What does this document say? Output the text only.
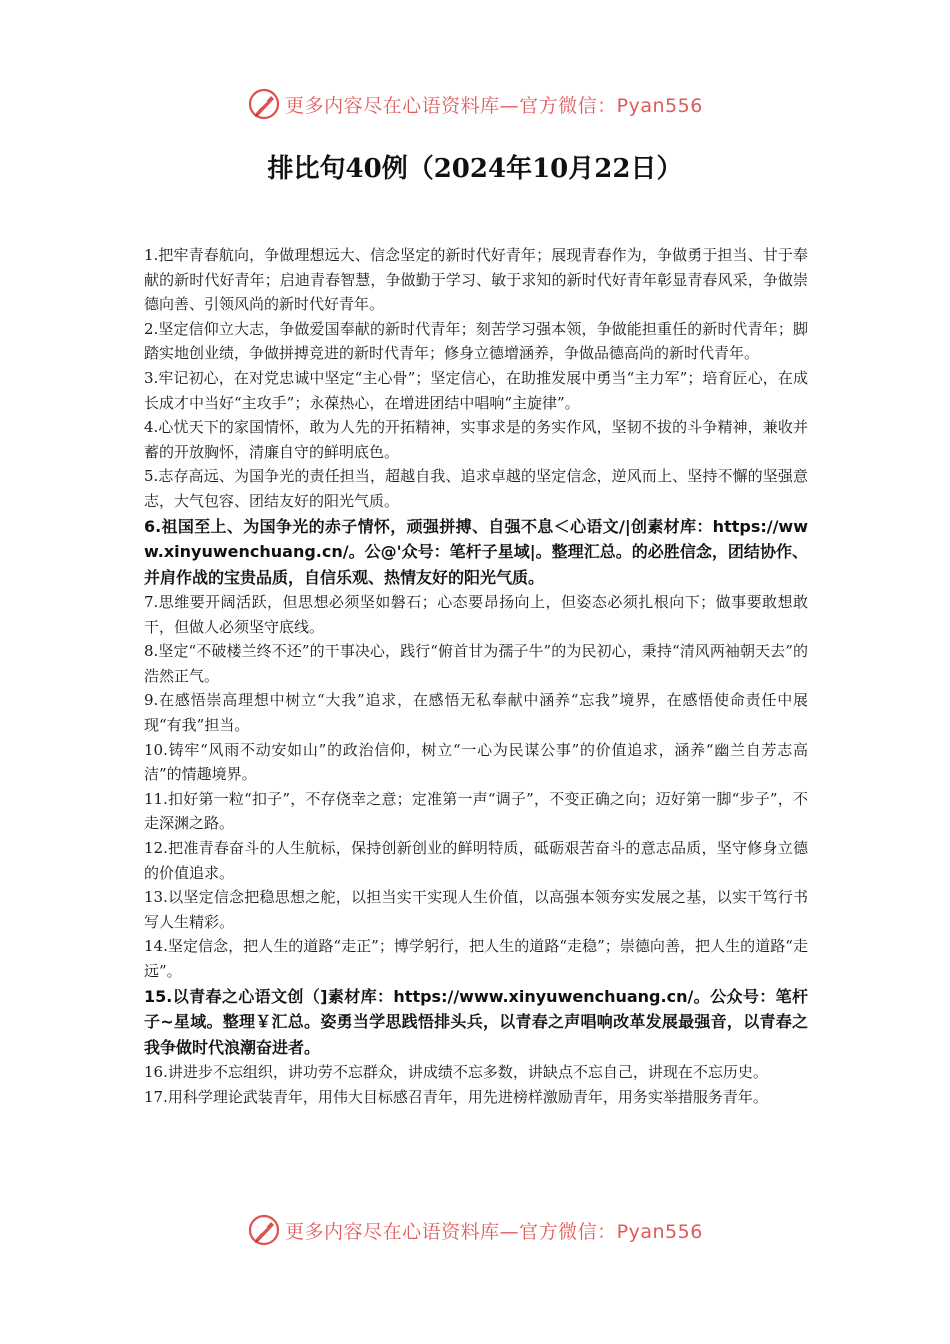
更多内容尽在心语资料库—官方微信：Pyan556
排比句40例（2024年10月22日）

1.把牢青春航向，争做理想远大、信念坚定的新时代好青年；展现青春作为，争做勇于担当、甘于奉献的新时代好青年；启迪青春智慧，争做勤于学习、敏于求知的新时代好青年彰显青春风采，争做崇德向善、引领风尚的新时代好青年。

2.坚定信仰立大志，争做爱国奉献的新时代青年；刻苦学习强本领，争做能担重任的新时代青年；脚踏实地创业绩，争做拼搏竞进的新时代青年；修身立德增涵养，争做品德高尚的新时代青年。

3.牢记初心，在对党忠诚中坚定“主心骨”；坚定信心，在助推发展中勇当“主力军”；培育匠心，在成长成才中当好“主攻手”；永葆热心，在增进团结中唱响“主旋律”。

4.心忧天下的家国情怀，敢为人先的开拓精神，实事求是的务实作风，坚韧不拔的斗争精神，兼收并蓄的开放胸怀，清廉自守的鲜明底色。

5.志存高远、为国争光的责任担当，超越自我、追求卓越的坚定信念，逆风而上、坚持不懈的坚强意志，大气包容、团结友好的阳光气质。

6.祖国至上、为国争光的赤子情怀，顽强拼搏、自强不息＜心语文/|创素材库：https://www.xinyuwenchuang.cn/。公@'众号：笔杆子星域|。整理汇总。的必胜信念，团结协作、并肩作战的宝贵品质，自信乐观、热情友好的阳光气质。

7.思维要开阔活跃，但思想必须坚如磐石；心态要昂扬向上，但姿态必须扎根向下；做事要敢想敢干，但做人必须坚守底线。

8.坚定“不破楼兰终不还”的干事决心，践行“俯首甘为孺子牛”的为民初心，秉持“清风两袖朝天去”的浩然正气。

9.在感悟崇高理想中树立“大我”追求，在感悟无私奉献中涵养“忘我”境界，在感悟使命责任中展现“有我”担当。

10.铸牢“风雨不动安如山”的政治信仰，树立“一心为民谋公事”的价值追求，涵养“幽兰自芳志高洁”的情趣境界。

11.扣好第一粒“扣子”，不存侥幸之意；定准第一声“调子”，不变正确之向；迈好第一脚“步子”，不走深渊之路。

12.把准青春奋斗的人生航标，保持创新创业的鲜明特质，砥砺艰苦奋斗的意志品质，坚守修身立德的价值追求。

13.以坚定信念把稳思想之舵，以担当实干实现人生价值，以高强本领夯实发展之基，以实干笃行书写人生精彩。

14.坚定信念，把人生的道路“走正”；博学躬行，把人生的道路“走稳”；崇德向善，把人生的道路“走远”。

15.以青春之心语文创（]素材库：https://www.xinyuwenchuang.cn/。公众号：笔杆子~星域。整理￥汇总。姿勇当学思践悟排头兵，以青春之声唱响改革发展最强音，以青春之我争做时代浪潮奋进者。

16.讲进步不忘组织，讲功劳不忘群众，讲成绩不忘多数，讲缺点不忘自己，讲现在不忘历史。

17.用科学理论武装青年，用伟大目标感召青年，用先进榜样激励青年，用务实举措服务青年。

更多内容尽在心语资料库—官方微信：Pyan556
